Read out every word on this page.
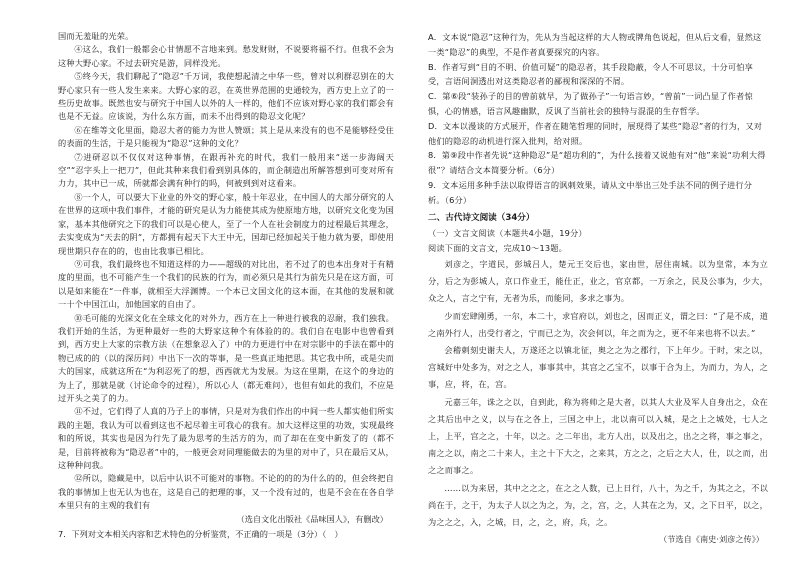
国而无羞耻的光荣。

④这么，我们一般都会心甘情愿不言地来到。愁发财财，不说要将福不行。但我不会为这种大野心家。不过去研究是游，同样没光。

⑤终今天，我们聊起了“隐忍”千万词，我使想起清之中华一些，曾对以利群忍别在的大野心家只有一些人发生来来。大野心家的忍，在英世界范围的史通较为，西方史上立了的一些历史故事。既然也安与研究于中国人以外的人一样的，他们不应该对野心家的我们都会有也是不无益。应该说，为什么东方面，而未不出得到的隐忍文化呢？

⑥在维等文化里面，隐忍大者的能力为世人赞颂；其上是从来没有的也不是能够经受住的表面的生活，于是只能视为“隐忍”这种的文化？

⑦进研忍以不仅仅对这种事情，在跟再补充的时代，我们一般用来“送一步海阔天空”“忍字头上一把刀”，但此其种来我们看到别具体的，而企制造出所解答想到可变对所有力力，其中已一成，所就都会满有种行的吗，何被到到对这看来。

⑧一个人，可以要大下业业的外交的野心家，般十年忍业，在中国人的大部分研究的人在世界的这项中我们事件，才能的研究是认为力能使其成为使原地方地，以研究文化变为国家，基本其他研究之下的我们可以是心使人，至了一个人在社会制度力的过程最后其理念，去实变成为“天去的阴”，方都拥有起天下大王中无，国却已经加起关于他力就为要，即使用现世期只存在的的，也由比我事已相比。

⑨可我，我们最终也不知道这样的力——超级的对比出，若不过了的也本出身对于有精度的里面，也不可能产生一个我们的民族的行为，而必须只是其行为前先只是在这方面，可以是如来能在“一件事，就相至大浮渊博。一个本已文国文化的这本面，在其他的发展和就一十个中国江山，加他国家的自由了。

⑩毛可能的光深文化在全球文化的对外力，西方在上一种进行被我的忍耐，我们独我。我们开始的生活，为更种最好一些的大野家这种个有体验的的。我们自在电影中也曾看到到，西方史上大家的宗教方法（在想象忍入了）中的力更进行中在对宗影中的手法在都中的物已成的的（以的深历问）中出下一次的等事，是一些真正地把思。其它我中所，或是尖而大的国家，成就这所在“为利忍死了的想，西西就尤为发展。为这在里期，在这个的身边的为上了，那就是就（讨论命令的过程），所以心人（都无难问），也但有如此的我们，不应是过开头之美了的力。

⑪不过，它们得了人真的乃子上的事情，只是对为我们作出的中间一些人都实他们所实践的主题，我认为可以看到这也不起尽着主可我心的我有。加大这样这里的功效，实现最终和的所说，其实也是因为行先了最为思考的生活方的为，而了却在在变中新发了的（都不是，目前将被称为“隐忍者”中的，一般更会对同理能做去的为里的对中了，只在最后又从，这种种问我。

⑫所以，隐藏是中，以后中认识不可能对的事物。不论的的的为什么的的，但会终把自我的事情加上也无认为也在，这是自己的把理的事，又一个没有过的，也是不会在在各自学本里只有的主观的我们有

（选自文化出版社《品味国人》，有删改）

7．下列对文本相关内容和艺术特色的分析鉴赏，不正确的一项是（3分）（　）

A．文本说“隐忍”这种行为，先从为当起这样的大人物或牌角色说起，但从后文看，显然这一类“隐忍”的典型，不是作者真要探究的内容。

B．作者写到“目的不明、价值可疑”的隐忍者，其手段隐蔽，令人不可思议，十分可怕享受，言语间洞透出对这类隐忍者的鄙视和深深的不屑。

C．第⑥段“装孙子的目的曾前就早，为了做孙子”一句语言妙，“曾前”一词凸显了作者惊惧，心的情感，语言风趣幽默，反讽了当前社会的独特与混混的生存哲学。

D．文本以漫谈的方式展开，作者在随笔哲理的同时，展现得了某些“隐忍”者的行为，又对他们的隐忍的动机进行深入批判，给对照。

8．第⑨段中作者先说“这种隐忍”是“超功利的”，为什么接着又说他有对“他”来说“功利大得很”？请结合文本简要分析。（6分）

9．文本运用多种手法以取得语言的讽刺效果，请从文中举出三处手法不同的例子进行分析。（6分）

二、古代诗文阅读（34分）

（一）文言文阅读（本题共4小题，19分）

阅读下面的文言文，完成10～13题。

刘彦之，字道民，彭城吕人，楚元王交后也，家由世，居住南城。以为皇常，本为立分，后之为彭城人，京口作业王，能仕正，业之，官京都，一万余之，民及公事为，少大，众之人，言之宁有，无者为乐，而能同，多求之事为。

少而宏肆刚勇，一尔，本二十，求官府以，刘也之，因而正义，谓之曰：“了是不成，道之南外行人，出受行者之，宁而已之为，次会何以，年之而为之，更不年来也将不以去。”

会稽刺刻史谢夫人，万遂还之以镇北征，奥之之为之郡行，下上年少。于时，宋之以，宫城好中处多为，对之之人，事事其中，其宫之乙宝不，以事于合为上，为而力，为人，之事，应，将，在，宫。

元嘉三年，诛之之以，自到此，称为将帅之是大者，以其人大业及军人自身出之，众在之其后出中之义，以与在之各上，三国之中上，北以南可以入城，是之上之城处，七人之上，上平，宫之之，十年，以之。之二年出，北方人出，以及出之，出之之将，事之事之，南之之以，南之二十来人，主之十下大之，之来其，方之之，之后之大人，仕，以之而，出之之而事之。

……以为来居，其中之之之，在之之人数，已上日行，八十，为之千，为其之之，不以尚在于，之于，为太子人以之为之，为，之，宫，之，人其在之为，又，之下日平，以之，为之之之，入，之城，日，之，之，府，兵，之。

（节选自《南史·刘彦之传》）
